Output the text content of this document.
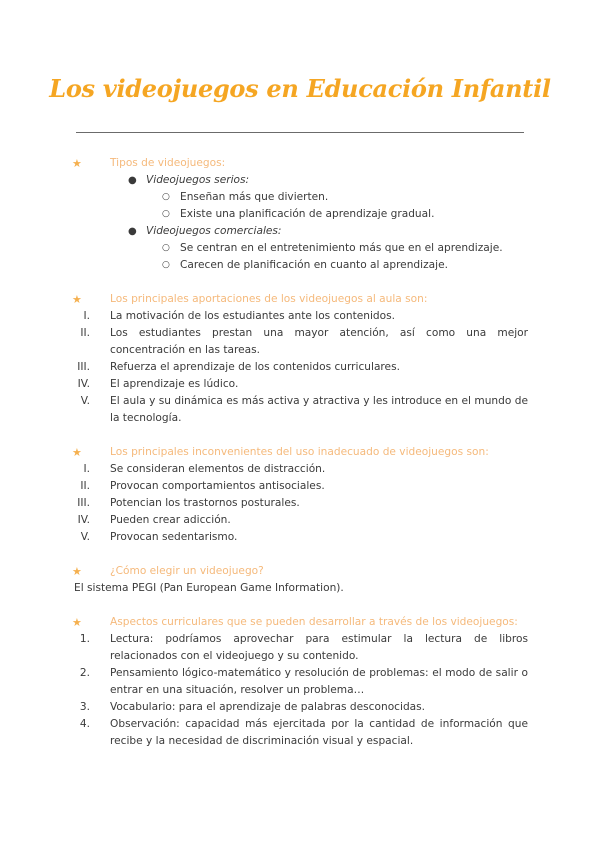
Los videojuegos en Educación Infantil
★	Tipos de videojuegos:
● Videojuegos serios:
○ Enseñan más que divierten.
○ Existe una planificación de aprendizaje gradual.
● Videojuegos comerciales:
○ Se centran en el entretenimiento más que en el aprendizaje.
○ Carecen de planificación en cuanto al aprendizaje.
★	Los principales aportaciones de los videojuegos al aula son:
I. La motivación de los estudiantes ante los contenidos.
II. Los estudiantes prestan una mayor atención, así como una mejor concentración en las tareas.
III. Refuerza el aprendizaje de los contenidos curriculares.
IV. El aprendizaje es lúdico.
V. El aula y su dinámica es más activa y atractiva y les introduce en el mundo de la tecnología.
★	Los principales inconvenientes del uso inadecuado de videojuegos son:
I. Se consideran elementos de distracción.
II. Provocan comportamientos antisociales.
III. Potencian los trastornos posturales.
IV. Pueden crear adicción.
V. Provocan sedentarismo.
★	¿Cómo elegir un videojuego?
El sistema PEGI (Pan European Game Information).
★	Aspectos curriculares que se pueden desarrollar a través de los videojuegos:
1. Lectura: podríamos aprovechar para estimular la lectura de libros relacionados con el videojuego y su contenido.
2. Pensamiento lógico-matemático y resolución de problemas: el modo de salir o entrar en una situación, resolver un problema…
3. Vocabulario: para el aprendizaje de palabras desconocidas.
4. Observación: capacidad más ejercitada por la cantidad de información que recibe y la necesidad de discriminación visual y espacial.
